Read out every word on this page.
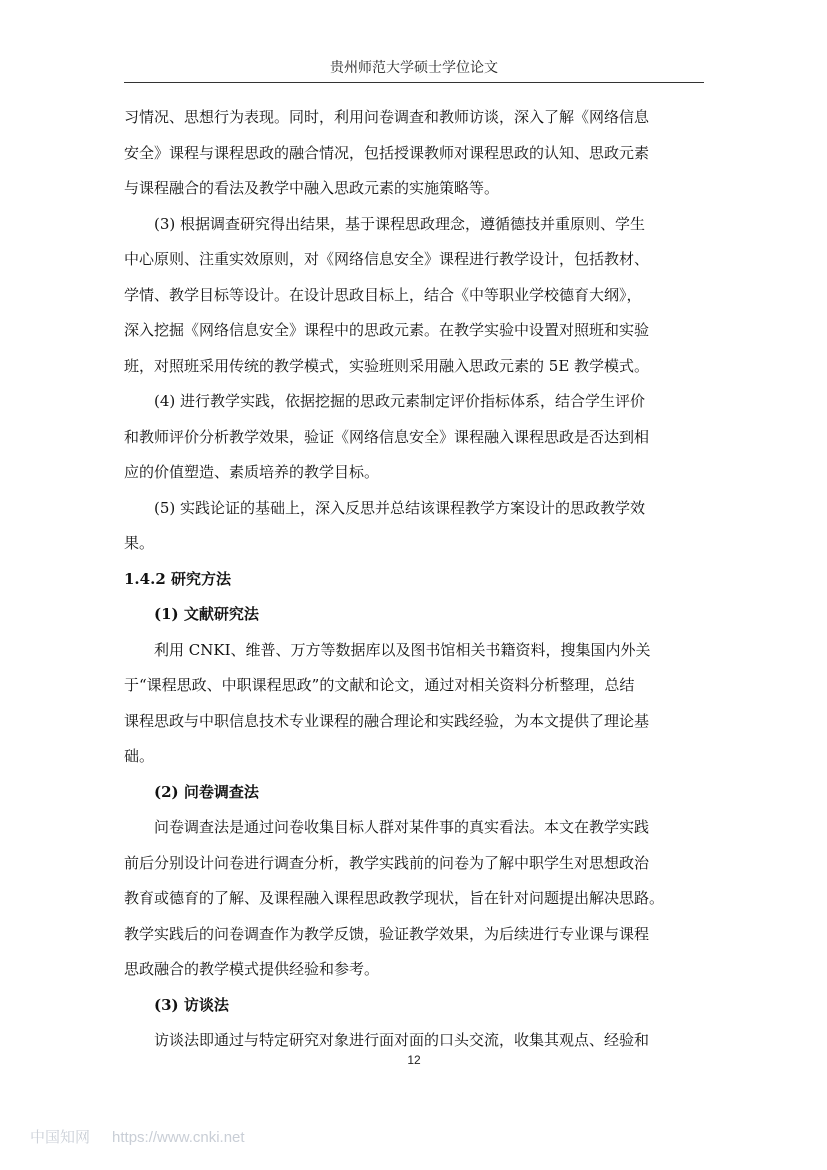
贵州师范大学硕士学位论文

习情况、思想行为表现。同时，利用问卷调查和教师访谈，深入了解《网络信息

安全》课程与课程思政的融合情况，包括授课教师对课程思政的认知、思政元素

与课程融合的看法及教学中融入思政元素的实施策略等。

(3) 根据调查研究得出结果，基于课程思政理念，遵循德技并重原则、学生

中心原则、注重实效原则，对《网络信息安全》课程进行教学设计，包括教材、

学情、教学目标等设计。在设计思政目标上，结合《中等职业学校德育大纲》，

深入挖掘《网络信息安全》课程中的思政元素。在教学实验中设置对照班和实验

班，对照班采用传统的教学模式，实验班则采用融入思政元素的 5E 教学模式。

(4) 进行教学实践，依据挖掘的思政元素制定评价指标体系，结合学生评价

和教师评价分析教学效果，验证《网络信息安全》课程融入课程思政是否达到相

应的价值塑造、素质培养的教学目标。

(5) 实践论证的基础上，深入反思并总结该课程教学方案设计的思政教学效

果。

1.4.2 研究方法
(1) 文献研究法

利用 CNKI、维普、万方等数据库以及图书馆相关书籍资料，搜集国内外关

于“课程思政、中职课程思政”的文献和论文，通过对相关资料分析整理，总结

课程思政与中职信息技术专业课程的融合理论和实践经验，为本文提供了理论基

础。

(2) 问卷调查法

问卷调查法是通过问卷收集目标人群对某件事的真实看法。本文在教学实践

前后分别设计问卷进行调查分析，教学实践前的问卷为了解中职学生对思想政治

教育或德育的了解、及课程融入课程思政教学现状，旨在针对问题提出解决思路。

教学实践后的问卷调查作为教学反馈，验证教学效果，为后续进行专业课与课程

思政融合的教学模式提供经验和参考。

(3) 访谈法

访谈法即通过与特定研究对象进行面对面的口头交流，收集其观点、经验和

12
中国知网 https://www.cnki.net
